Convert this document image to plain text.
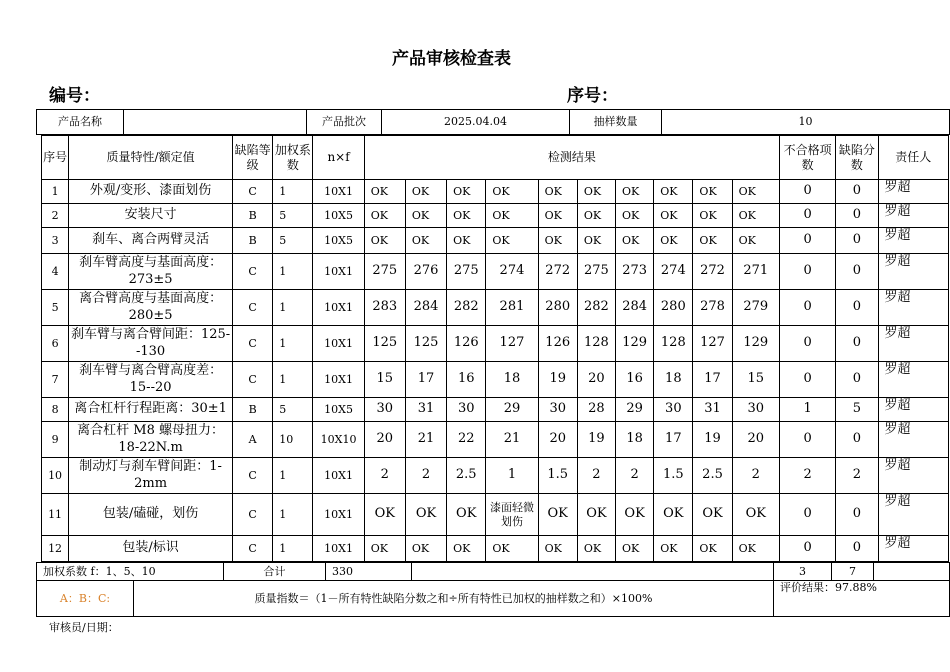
产品审核检查表
编号：	序号：
产品名称		产品批次	2025.04.04	抽样数量	10
序号	质量特性/额定值	缺陷等级	加权系数	n×f	检测结果										不合格项数	缺陷分数	责任人
1	外观/变形、漆面划伤	C	1	10X1	OK	OK	OK	OK	OK	OK	OK	OK	OK	OK	0	0	罗超
2	安装尺寸	B	5	10X5	OK	OK	OK	OK	OK	OK	OK	OK	OK	OK	0	0	罗超
3	刹车、离合两臂灵活	B	5	10X5	OK	OK	OK	OK	OK	OK	OK	OK	OK	OK	0	0	罗超
4	刹车臂高度与基面高度：273±5	C	1	10X1	275	276	275	274	272	275	273	274	272	271	0	0	罗超
5	离合臂高度与基面高度：280±5	C	1	10X1	283	284	282	281	280	282	284	280	278	279	0	0	罗超
6	刹车臂与离合臂间距：125--130	C	1	10X1	125	125	126	127	126	128	129	128	127	129	0	0	罗超
7	刹车臂与离合臂高度差：15--20	C	1	10X1	15	17	16	18	19	20	16	18	17	15	0	0	罗超
8	离合杠杆行程距离：30±1	B	5	10X5	30	31	30	29	30	28	29	30	31	30	1	5	罗超
9	离合杠杆 M8 螺母扭力：18-22N.m	A	10	10X10	20	21	22	21	20	19	18	17	19	20	0	0	罗超
10	制动灯与刹车臂间距：1-2mm	C	1	10X1	2	2	2.5	1	1.5	2	2	1.5	2.5	2	2	2	罗超
11	包装/磕碰，划伤	C	1	10X1	OK	OK	OK	漆面轻微划伤	OK	OK	OK	OK	OK	OK	0	0	罗超
12	包装/标识	C	1	10X1	OK	OK	OK	OK	OK	OK	OK	OK	OK	OK	0	0	罗超
加权系数 f：1、5、10		合计	330		3	7	
A：B：C:	质量指数＝（1－所有特性缺陷分数之和÷所有特性已加权的抽样数之和）×100%				评价结果：97.88%		
审核员/日期：
